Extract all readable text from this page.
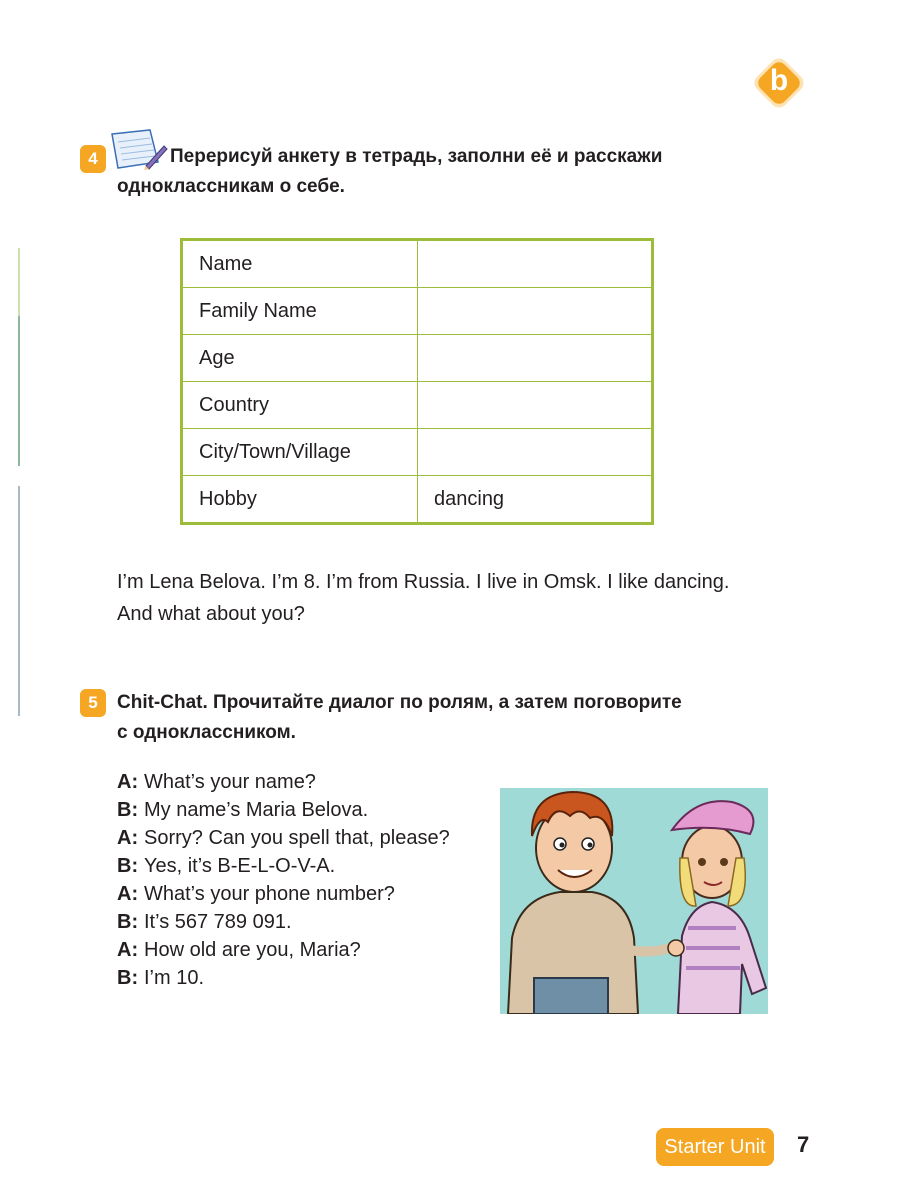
b
4	Перерисуй анкету в тетрадь, заполни её и расскажи
одноклассникам о себе.
Name	
Family Name	
Age	
Country	
City/Town/Village	
Hobby	dancing
I’m Lena Belova. I’m 8. I’m from Russia. I live in Omsk. I like dancing.
And what about you?
5	Chit-Chat. Прочитайте диалог по ролям, а затем поговорите
с одноклассником.
A: What’s your name?
B: My name’s Maria Belova.
A: Sorry? Can you spell that, please?
B: Yes, it’s B-E-L-O-V-A.
A: What’s your phone number?
B: It’s 567 789 091.
A: How old are you, Maria?
B: I’m 10.
Starter Unit	7
